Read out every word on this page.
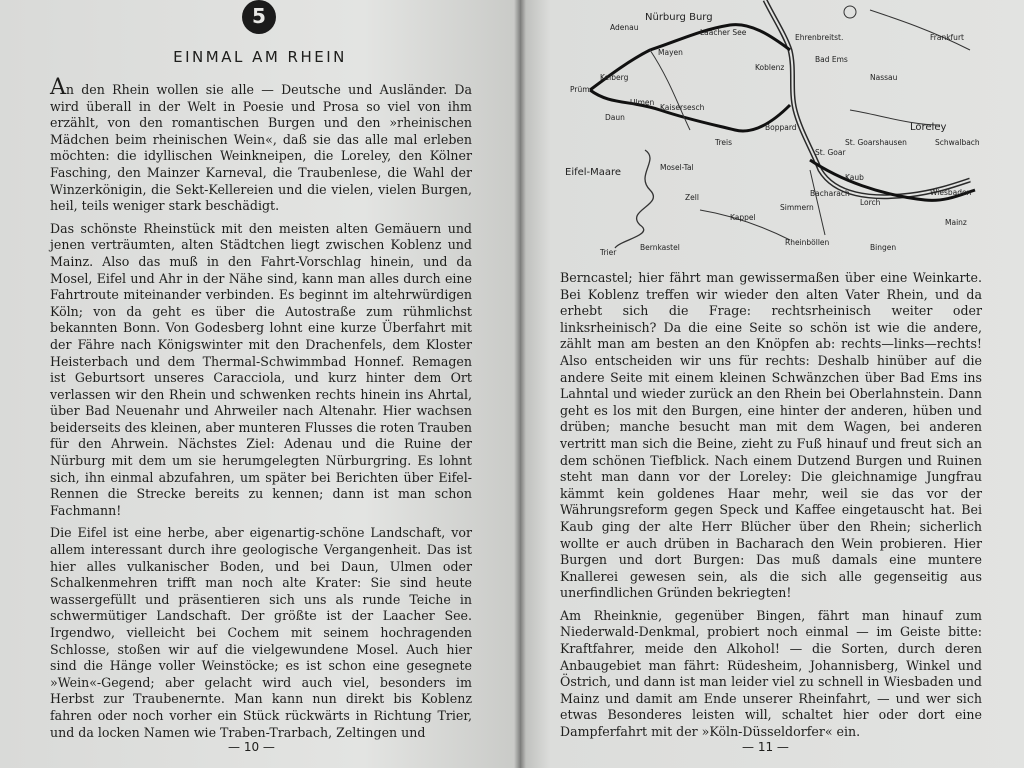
5
EINMAL AM RHEIN

An den Rhein wollen sie alle — Deutsche und Ausländer. Da wird überall in der Welt in Poesie und Prosa so viel von ihm erzählt, von den romantischen Burgen und den »rheinischen Mädchen beim rheinischen Wein«, daß sie das alle mal erleben möchten: die idyllischen Weinkneipen, die Loreley, den Kölner Fasching, den Mainzer Karneval, die Traubenlese, die Wahl der Winzerkönigin, die Sekt-Kellereien und die vielen, vielen Burgen, heil, teils weniger stark beschädigt.

Das schönste Rheinstück mit den meisten alten Gemäuern und jenen verträumten, alten Städtchen liegt zwischen Koblenz und Mainz. Also das muß in den Fahrt-Vorschlag hinein, und da Mosel, Eifel und Ahr in der Nähe sind, kann man alles durch eine Fahrtroute miteinander verbinden. Es beginnt im altehrwürdigen Köln; von da geht es über die Autostraße zum rühmlichst bekannten Bonn. Von Godesberg lohnt eine kurze Überfahrt mit der Fähre nach Königswinter mit den Drachenfels, dem Kloster Heisterbach und dem Thermal-Schwimmbad Honnef. Remagen ist Geburtsort unseres Caracciola, und kurz hinter dem Ort verlassen wir den Rhein und schwenken rechts hinein ins Ahrtal, über Bad Neuenahr und Ahrweiler nach Altenahr. Hier wachsen beiderseits des kleinen, aber munteren Flusses die roten Trauben für den Ahrwein. Nächstes Ziel: Adenau und die Ruine der Nürburg mit dem um sie herumgelegten Nürburgring. Es lohnt sich, ihn einmal abzufahren, um später bei Berichten über Eifel-Rennen die Strecke bereits zu kennen; dann ist man schon Fachmann!

Die Eifel ist eine herbe, aber eigenartig-schöne Landschaft, vor allem interessant durch ihre geologische Vergangenheit. Das ist hier alles vulkanischer Boden, und bei Daun, Ulmen oder Schalkenmehren trifft man noch alte Krater: Sie sind heute wassergefüllt und präsentieren sich uns als runde Teiche in schwermütiger Landschaft. Der größte ist der Laacher See. Irgendwo, vielleicht bei Cochem mit seinem hochragenden Schlosse, stoßen wir auf die vielgewundene Mosel. Auch hier sind die Hänge voller Weinstöcke; es ist schon eine gesegnete »Wein«-Gegend; aber gelacht wird auch viel, besonders im Herbst zur Traubenernte. Man kann nun direkt bis Koblenz fahren oder noch vorher ein Stück rückwärts in Richtung Trier, und da locken Namen wie Traben-Trarbach, Zeltingen und

— 10 —
Adenau
Nürburg Burg
Laacher See
Mayen
Kelberg
Prüm
Daun
Ulmen
Kaisersesch
Treis
Koblenz
Ehrenbreitst.
Bad Ems
Nassau
Frankfurt
Loreley
St. Goar
St. Goarshausen
Kaub
Bacharach
Lorch
Wiesbaden
Mainz
Bingen
Zell
Kappel
Simmern
Bernkastel
Trier
Boppard
Eifel-Maare	Mosel-Tal
Schwalbach
Rheinböllen

Berncastel; hier fährt man gewissermaßen über eine Weinkarte. Bei Koblenz treffen wir wieder den alten Vater Rhein, und da erhebt sich die Frage: rechtsrheinisch weiter oder linksrheinisch? Da die eine Seite so schön ist wie die andere, zählt man am besten an den Knöpfen ab: rechts—links—rechts! Also entscheiden wir uns für rechts: Deshalb hinüber auf die andere Seite mit einem kleinen Schwänzchen über Bad Ems ins Lahntal und wieder zurück an den Rhein bei Oberlahnstein. Dann geht es los mit den Burgen, eine hinter der anderen, hüben und drüben; manche besucht man mit dem Wagen, bei anderen vertritt man sich die Beine, zieht zu Fuß hinauf und freut sich an dem schönen Tiefblick. Nach einem Dutzend Burgen und Ruinen steht man dann vor der Loreley: Die gleichnamige Jungfrau kämmt kein goldenes Haar mehr, weil sie das vor der Währungsreform gegen Speck und Kaffee eingetauscht hat. Bei Kaub ging der alte Herr Blücher über den Rhein; sicherlich wollte er auch drüben in Bacharach den Wein probieren. Hier Burgen und dort Burgen: Das muß damals eine muntere Knallerei gewesen sein, als die sich alle gegenseitig aus unerfindlichen Gründen bekriegten!

Am Rheinknie, gegenüber Bingen, fährt man hinauf zum Niederwald-Denkmal, probiert noch einmal — im Geiste bitte: Kraftfahrer, meide den Alkohol! — die Sorten, durch deren Anbaugebiet man fährt: Rüdesheim, Johannisberg, Winkel und Östrich, und dann ist man leider viel zu schnell in Wiesbaden und Mainz und damit am Ende unserer Rheinfahrt, — und wer sich etwas Besonderes leisten will, schaltet hier oder dort eine Dampferfahrt mit der »Köln-Düsseldorfer« ein.

— 11 —
